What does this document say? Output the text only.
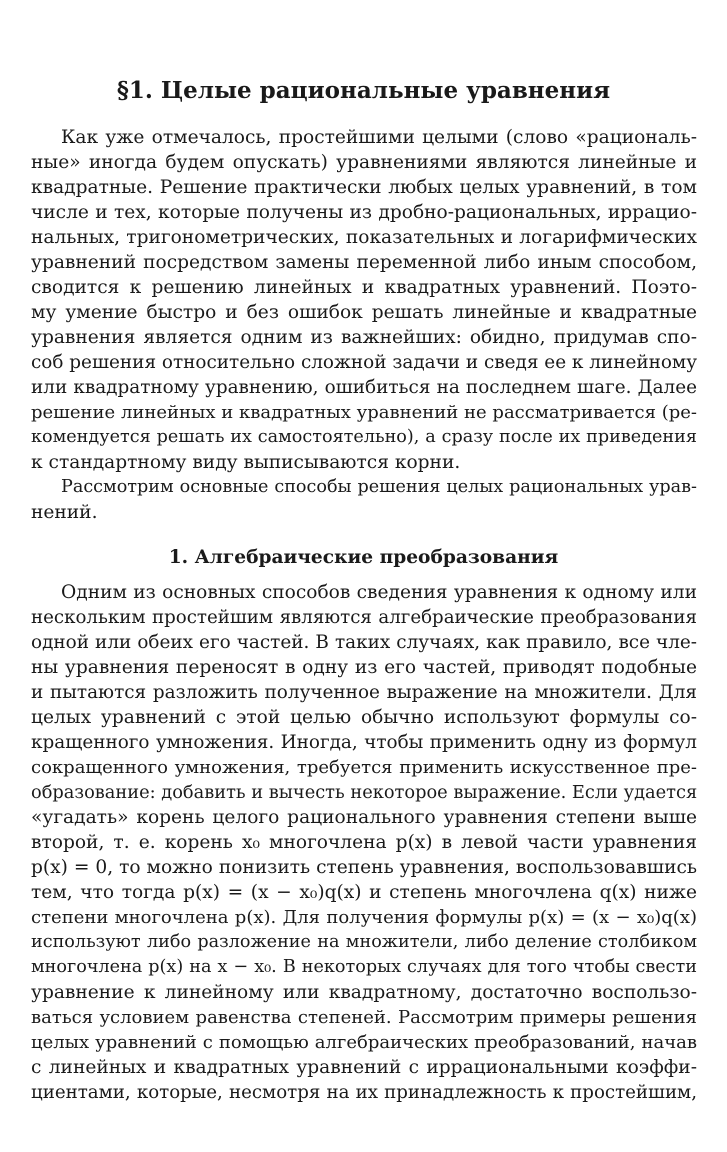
§1. Целые рациональные уравнения
Как уже отмечалось, простейшими целыми (слово «рациональ-
ные» иногда будем опускать) уравнениями являются линейные и
квадратные. Решение практически любых целых уравнений, в том
числе и тех, которые получены из дробно-рациональных, иррацио-
нальных, тригонометрических, показательных и логарифмических
уравнений посредством замены переменной либо иным способом,
сводится к решению линейных и квадратных уравнений. Поэто-
му умение быстро и без ошибок решать линейные и квадратные
уравнения является одним из важнейших: обидно, придумав спо-
соб решения относительно сложной задачи и сведя ее к линейному
или квадратному уравнению, ошибиться на последнем шаге. Далее
решение линейных и квадратных уравнений не рассматривается (ре-
комендуется решать их самостоятельно), а сразу после их приведения
к стандартному виду выписываются корни.
Рассмотрим основные способы решения целых рациональных урав-
нений.
1. Алгебраические преобразования
Одним из основных способов сведения уравнения к одному или
нескольким простейшим являются алгебраические преобразования
одной или обеих его частей. В таких случаях, как правило, все чле-
ны уравнения переносят в одну из его частей, приводят подобные
и пытаются разложить полученное выражение на множители. Для
целых уравнений с этой целью обычно используют формулы со-
кращенного умножения. Иногда, чтобы применить одну из формул
сокращенного умножения, требуется применить искусственное пре-
образование: добавить и вычесть некоторое выражение. Если удается
«угадать» корень целого рационального уравнения степени выше
второй, т. е. корень x₀ многочлена p(x) в левой части уравнения
p(x) = 0, то можно понизить степень уравнения, воспользовавшись
тем, что тогда p(x) = (x − x₀)q(x) и степень многочлена q(x) ниже
степени многочлена p(x). Для получения формулы p(x) = (x − x₀)q(x)
используют либо разложение на множители, либо деление столбиком
многочлена p(x) на x − x₀. В некоторых случаях для того чтобы свести
уравнение к линейному или квадратному, достаточно воспользо-
ваться условием равенства степеней. Рассмотрим примеры решения
целых уравнений с помощью алгебраических преобразований, начав
с линейных и квадратных уравнений с иррациональными коэффи-
циентами, которые, несмотря на их принадлежность к простейшим,
